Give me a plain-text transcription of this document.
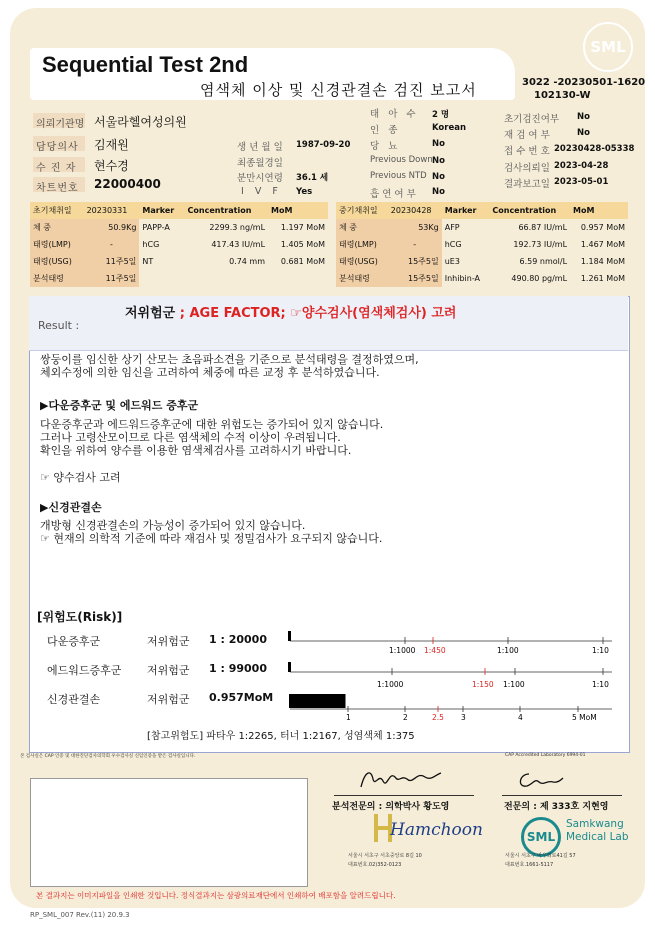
SML
Sequential Test 2nd
염색체 이상 및 신경관결손 검진 보고서	3022 -20230501-1620
102130-W
의뢰기관명 서울라헬여성의원
담당의사 김재원
수 진 자 현수경
차트번호 22000400
생 년 월 일 1987-09-20
최종월경일
분만시연령 36.1 세
I V F Yes
태 아 수 2 명
인 종	Korean
당 뇨	No
Previous Down No
Previous NTD No
흡 연 여 부 No
초기검진여부 No
재 검 여 부	No
접 수 번 호 20230428-05338
검사의뢰일 2023-04-28
결과보고일 2023-05-01
초기채취일	20230331	Marker	Concentration	MoM
체 중	50.9Kg	PAPP-A	2299.3 ng/mL	1.197 MoM
태령(LMP)	-	hCG	417.43 IU/mL	1.405 MoM
태령(USG)	11주5일	NT	0.74 mm	0.681 MoM
분석태령	11주5일			
중기채취일	20230428	Marker	Concentration	MoM
체 중	53Kg	AFP	66.87 IU/mL	0.957 MoM
태령(LMP)	-	hCG	192.73 IU/mL	1.467 MoM
태령(USG)	15주5일	uE3	6.59 nmol/L	1.184 MoM
분석태령	15주5일	Inhibin-A	490.80 pg/mL	1.261 MoM
Result :
저위험군 ; AGE FACTOR; ☞양수검사(염색체검사) 고려
쌍둥이를 임신한 상기 산모는 초음파소견을 기준으로 분석태령을 결정하였으며,
체외수정에 의한 임신을 고려하여 체중에 따른 교정 후 분석하였습니다.
▶다운증후군 및 에드워드 증후군
다운증후군과 에드워드증후군에 대한 위험도는 증가되어 있지 않습니다.
그러나 고령산모이므로 다른 염색체의 수적 이상이 우려됩니다.
확인을 위하여 양수를 이용한 염색체검사를 고려하시기 바랍니다.
☞ 양수검사 고려
▶신경관결손
개방형 신경관결손의 가능성이 증가되어 있지 않습니다.
☞ 현재의 의학적 기준에 따라 재검사 및 정밀검사가 요구되지 않습니다.
[위험도(Risk)]
다운증후군	저위험군 1 : 20000
에드워드증후군 저위험군 1 : 99000
신경관결손	저위험군 0.957MoM
1:1000 1:450	1:100	1:10
1:1000	1:150 1:100	1:10
1	2	2.5 3	4	5 MoM
[참고위험도] 파타우 1:2265, 터너 1:2167, 성염색체 1:375
본 검사실은 CAP 인증 및 대한진단검사의학회 우수검사실 신임인증을 받은 검사실입니다.	CAP Accredited Laboratory 6994-01
분석전문의 : 의학박사 황도영	전문의 : 제 333호 지현영
Hamchoon
서울시 서초구 서초중앙로 8길 10
대표번호.02)352-0123
SML
Samkwang
Medical Lab
서울시 서초구 바우뫼로41길 57
대표번호.1661-5117
본 결과지는 이미지파일을 인쇄한 것입니다. 정식결과지는 삼광의료재단에서 인쇄하여 배포함을 알려드립니다.
RP_SML_007 Rev.(11) 20.9.3
